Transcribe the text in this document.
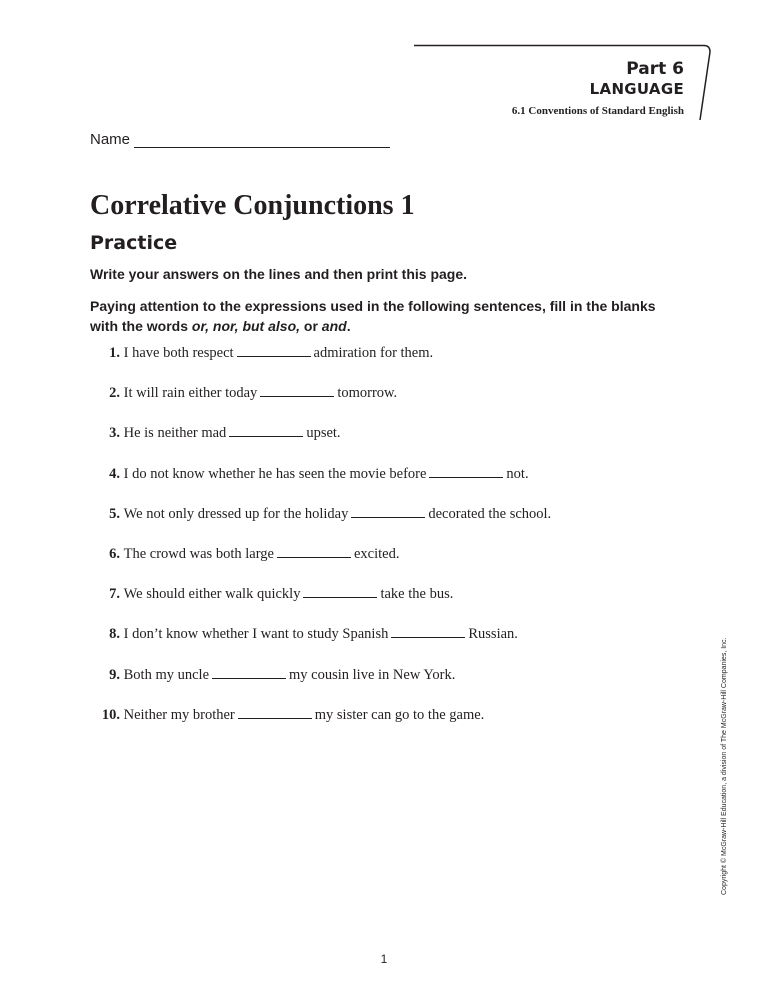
Part 6
LANGUAGE
6.1 Conventions of Standard English
Name
Correlative Conjunctions 1
Practice
Write your answers on the lines and then print this page.
Paying attention to the expressions used in the following sentences, fill in the blanks with the words or, nor, but also, or and.
1.
I have both respect	admiration for them.
2.
It will rain either today	tomorrow.
3.
He is neither mad	upset.
4.
I do not know whether he has seen the movie before	not.
5.
We not only dressed up for the holiday	decorated the school.
6.
The crowd was both large	excited.
7.
We should either walk quickly	take the bus.
8.
I don’t know whether I want to study Spanish	Russian.
9.
Both my uncle	my cousin live in New York.
10.
Neither my brother	my sister can go to the game.	Copyright © McGraw-Hill Education, a division of The McGraw-Hill Companies, Inc.
1
